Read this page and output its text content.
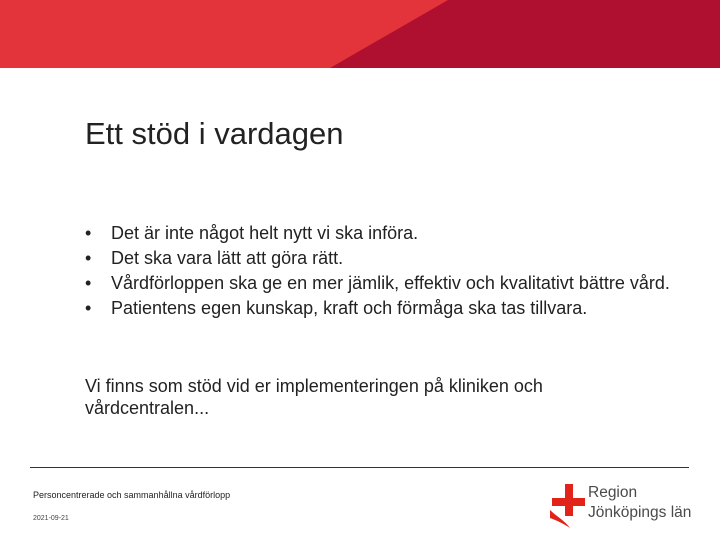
Ett stöd i vardagen
• Det är inte något helt nytt vi ska införa.
• Det ska vara lätt att göra rätt.
• Vårdförloppen ska ge en mer jämlik, effektiv och kvalitativt bättre vård.
• Patientens egen kunskap, kraft och förmåga ska tas tillvara.

Vi finns som stöd vid er implementeringen på kliniken och vårdcentralen...

Personcentrerade och sammanhållna vårdförlopp
2021-09-21
Region
Jönköpings län
